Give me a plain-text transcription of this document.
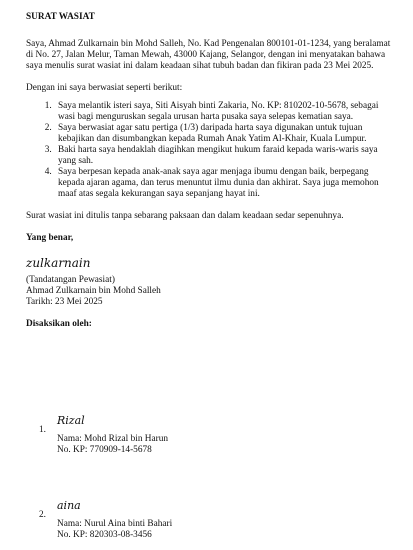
SURAT WASIAT

Saya, Ahmad Zulkarnain bin Mohd Salleh, No. Kad Pengenalan 800101-01-1234, yang beralamat di No. 27, Jalan Melur, Taman Mewah, 43000 Kajang, Selangor, dengan ini menyatakan bahawa saya menulis surat wasiat ini dalam keadaan sihat tubuh badan dan fikiran pada 23 Mei 2025.

Dengan ini saya berwasiat seperti berikut:

1. Saya melantik isteri saya, Siti Aisyah binti Zakaria, No. KP: 810202-10-5678, sebagai wasi bagi menguruskan segala urusan harta pusaka saya selepas kematian saya.
2. Saya berwasiat agar satu pertiga (1/3) daripada harta saya digunakan untuk tujuan kebajikan dan disumbangkan kepada Rumah Anak Yatim Al-Khair, Kuala Lumpur.
3. Baki harta saya hendaklah diagihkan mengikut hukum faraid kepada waris-waris saya yang sah.
4. Saya berpesan kepada anak-anak saya agar menjaga ibumu dengan baik, berpegang kepada ajaran agama, dan terus menuntut ilmu dunia dan akhirat. Saya juga memohon maaf atas segala kekurangan saya sepanjang hayat ini.

Surat wasiat ini ditulis tanpa sebarang paksaan dan dalam keadaan sedar sepenuhnya.

Yang benar,

zulkarnain

(Tandatangan Pewasiat)

Ahmad Zulkarnain bin Mohd Salleh

Tarikh: 23 Mei 2025

Disaksikan oleh:

1.
Rizal

Nama: Mohd Rizal bin Harun

No. KP: 770909-14-5678

2.
aina

Nama: Nurul Aina binti Bahari

No. KP: 820303-08-3456
